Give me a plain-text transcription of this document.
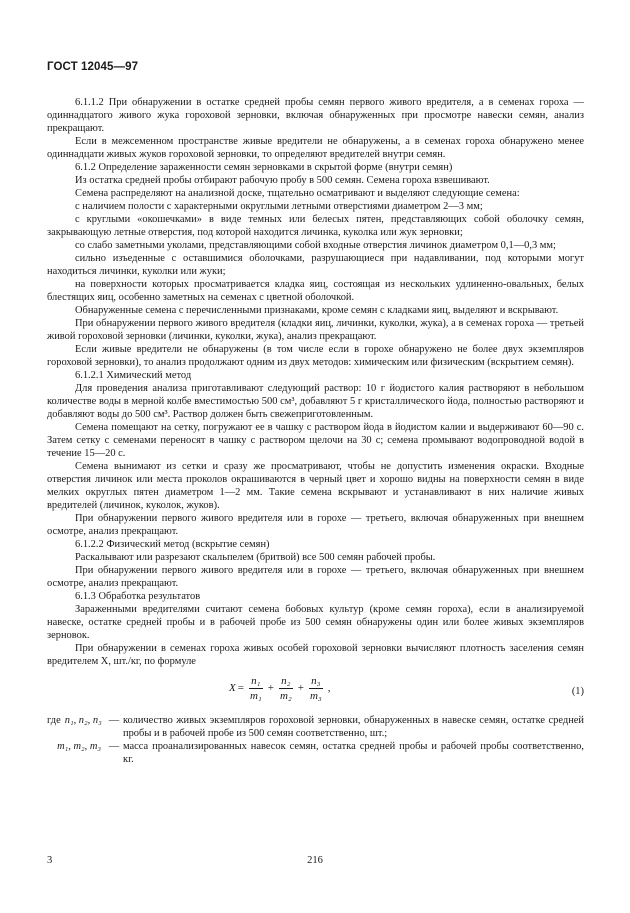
ГОСТ 12045—97

6.1.1.2 При обнаружении в остатке средней пробы семян первого живого вредителя, а в семенах гороха — одиннадцатого живого жука гороховой зерновки, включая обнаруженных при просмотре навески семян, анализ прекращают.

Если в межсеменном пространстве живые вредители не обнаружены, а в семенах гороха обнаружено менее одиннадцати живых жуков гороховой зерновки, то определяют вредителей внутри семян.

6.1.2 Определение зараженности семян зерновками в скрытой форме (внутри семян)

Из остатка средней пробы отбирают рабочую пробу в 500 семян. Семена гороха взвешивают.

Семена распределяют на анализной доске, тщательно осматривают и выделяют следующие семена:

с наличием полости с характерными округлыми летными отверстиями диаметром 2—3 мм;

с круглыми «окошечками» в виде темных или белесых пятен, представляющих собой оболочку семян, закрывающую летные отверстия, под которой находится личинка, куколка или жук зерновки;

со слабо заметными уколами, представляющими собой входные отверстия личинок диаметром 0,1—0,3 мм;

сильно изъеденные с оставшимися оболочками, разрушающиеся при надавливании, под которыми могут находиться личинки, куколки или жуки;

на поверхности которых просматривается кладка яиц, состоящая из нескольких удлиненно-овальных, белых блестящих яиц, особенно заметных на семенах с цветной оболочкой.

Обнаруженные семена с перечисленными признаками, кроме семян с кладками яиц, выделяют и вскрывают.

При обнаружении первого живого вредителя (кладки яиц, личинки, куколки, жука), а в семенах гороха — третьей живой гороховой зерновки (личинки, куколки, жука), анализ прекращают.

Если живые вредители не обнаружены (в том числе если в горохе обнаружено не более двух экземпляров гороховой зерновки), то анализ продолжают одним из двух методов: химическим или физическим (вскрытием семян).

6.1.2.1 Химический метод

Для проведения анализа приготавливают следующий раствор: 10 г йодистого калия растворяют в небольшом количестве воды в мерной колбе вместимостью 500 см³, добавляют 5 г кристаллического йода, полностью растворяют и добавляют воды до 500 см³. Раствор должен быть свежеприготовленным.

Семена помещают на сетку, погружают ее в чашку с раствором йода в йодистом калии и выдерживают 60—90 с. Затем сетку с семенами переносят в чашку с раствором щелочи на 30 с; семена промывают водопроводной водой в течение 15—20 с.

Семена вынимают из сетки и сразу же просматривают, чтобы не допустить изменения окраски. Входные отверстия личинок или места проколов окрашиваются в черный цвет и хорошо видны на поверхности семян в виде мелких округлых пятен диаметром 1—2 мм. Такие семена вскрывают и устанавливают в них наличие живых вредителей (личинок, куколок, жуков).

При обнаружении первого живого вредителя или в горохе — третьего, включая обнаруженных при внешнем осмотре, анализ прекращают.

6.1.2.2 Физический метод (вскрытие семян)

Раскалывают или разрезают скальпелем (бритвой) все 500 семян рабочей пробы.

При обнаружении первого живого вредителя или в горохе — третьего, включая обнаруженных при внешнем осмотре, анализ прекращают.

6.1.3 Обработка результатов

Зараженными вредителями считают семена бобовых культур (кроме семян гороха), если в анализируемой навеске, остатке средней пробы и в рабочей пробе из 500 семян обнаружены один или более живых экземпляров зерновок.

При обнаружении в семенах гороха живых особей гороховой зерновки вычисляют плотность заселения семян вредителем X, шт./кг, по формуле

$X = \frac{\text{n₁}}{\text{m₁}} + \frac{\text{n₂}}{\text{m₂}} + \frac{\text{n₃}}{\text{m₃}}$ ,	(1)
где n₁, n₂, n₃ — количество живых экземпляров гороховой зерновки, обнаруженных в навеске семян, остатке средней пробы и в рабочей пробе из 500 семян соответственно, шт.;
m₁, m₂, m₃ — масса проанализированных навесок семян, остатка средней пробы и рабочей пробы соответственно, кг.
3	216
